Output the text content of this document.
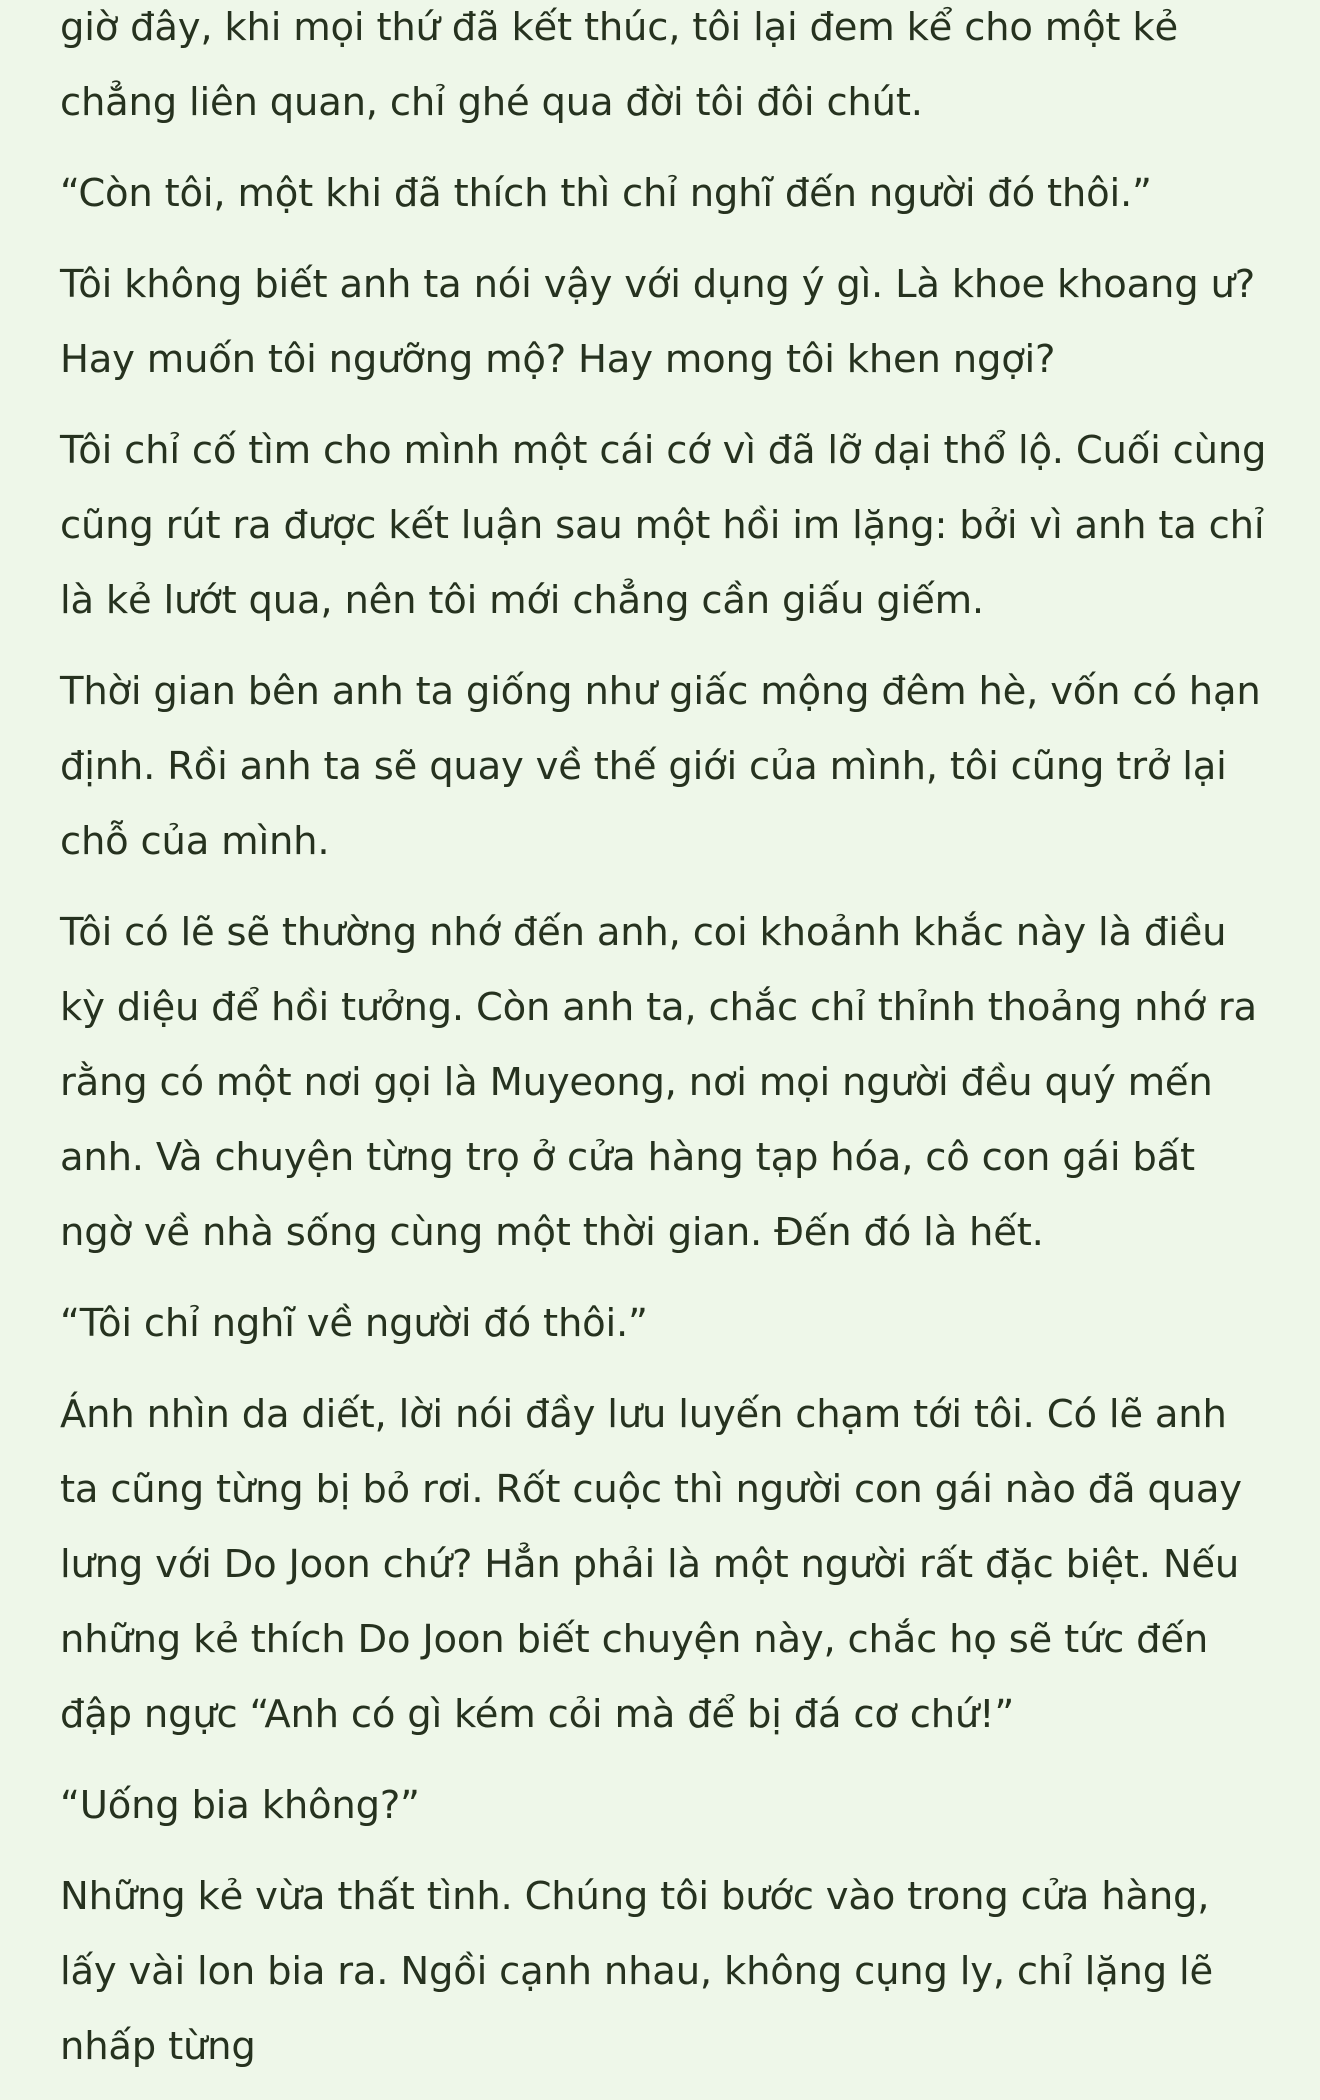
giờ đây, khi mọi thứ đã kết thúc, tôi lại đem kể cho một kẻ chẳng liên quan, chỉ ghé qua đời tôi đôi chút.

“Còn tôi, một khi đã thích thì chỉ nghĩ đến người đó thôi.”

Tôi không biết anh ta nói vậy với dụng ý gì. Là khoe khoang ư? Hay muốn tôi ngưỡng mộ? Hay mong tôi khen ngợi?

Tôi chỉ cố tìm cho mình một cái cớ vì đã lỡ dại thổ lộ. Cuối cùng cũng rút ra được kết luận sau một hồi im lặng: bởi vì anh ta chỉ là kẻ lướt qua, nên tôi mới chẳng cần giấu giếm.

Thời gian bên anh ta giống như giấc mộng đêm hè, vốn có hạn định. Rồi anh ta sẽ quay về thế giới của mình, tôi cũng trở lại chỗ của mình.

Tôi có lẽ sẽ thường nhớ đến anh, coi khoảnh khắc này là điều kỳ diệu để hồi tưởng. Còn anh ta, chắc chỉ thỉnh thoảng nhớ ra rằng có một nơi gọi là Muyeong, nơi mọi người đều quý mến anh. Và chuyện từng trọ ở cửa hàng tạp hóa, cô con gái bất ngờ về nhà sống cùng một thời gian. Đến đó là hết.

“Tôi chỉ nghĩ về người đó thôi.”

Ánh nhìn da diết, lời nói đầy lưu luyến chạm tới tôi. Có lẽ anh ta cũng từng bị bỏ rơi. Rốt cuộc thì người con gái nào đã quay lưng với Do Joon chứ? Hẳn phải là một người rất đặc biệt. Nếu những kẻ thích Do Joon biết chuyện này, chắc họ sẽ tức đến đập ngực “Anh có gì kém cỏi mà để bị đá cơ chứ!”

“Uống bia không?”

Những kẻ vừa thất tình. Chúng tôi bước vào trong cửa hàng, lấy vài lon bia ra. Ngồi cạnh nhau, không cụng ly, chỉ lặng lẽ nhấp từng
